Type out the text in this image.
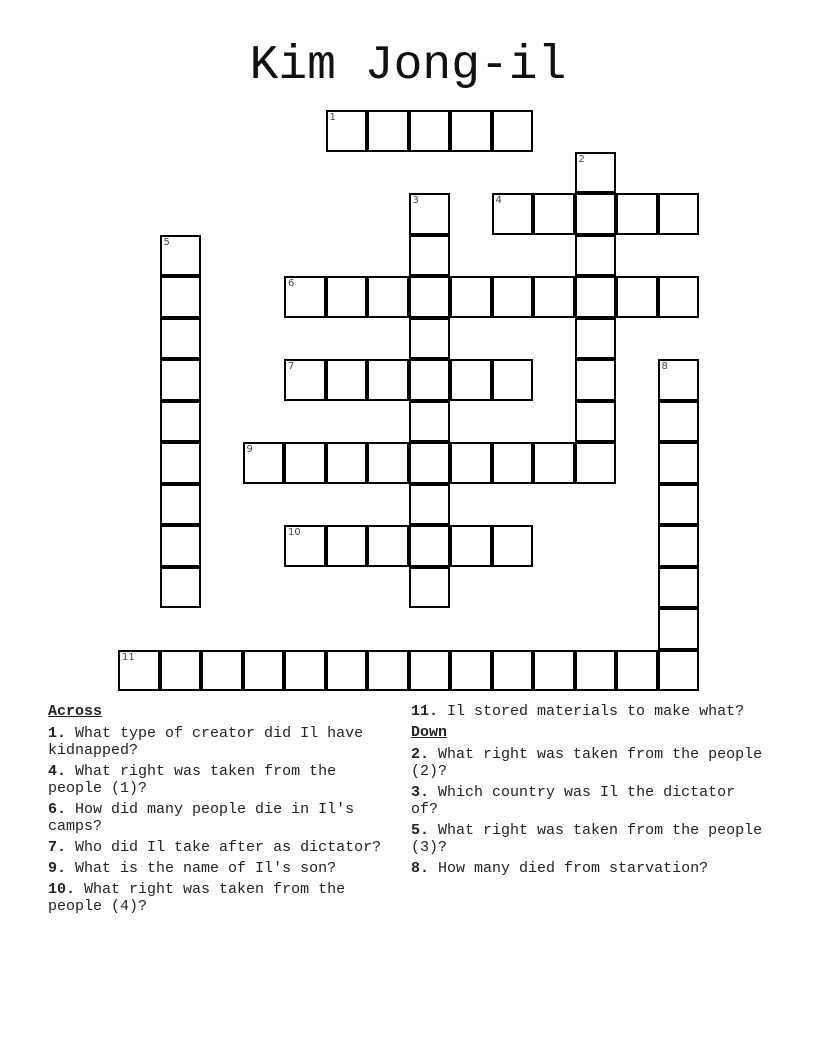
Kim Jong-il
1
2
3	4
5
6
7	8
9
10
11
Across
1. What type of creator did Il have kidnapped?
4. What right was taken from the people (1)?
6. How did many people die in Il's camps?
7. Who did Il take after as dictator?
9. What is the name of Il's son?
10. What right was taken from the people (4)?
11. Il stored materials to make what?
Down
2. What right was taken from the people (2)?
3. Which country was Il the dictator of?
5. What right was taken from the people (3)?
8. How many died from starvation?
